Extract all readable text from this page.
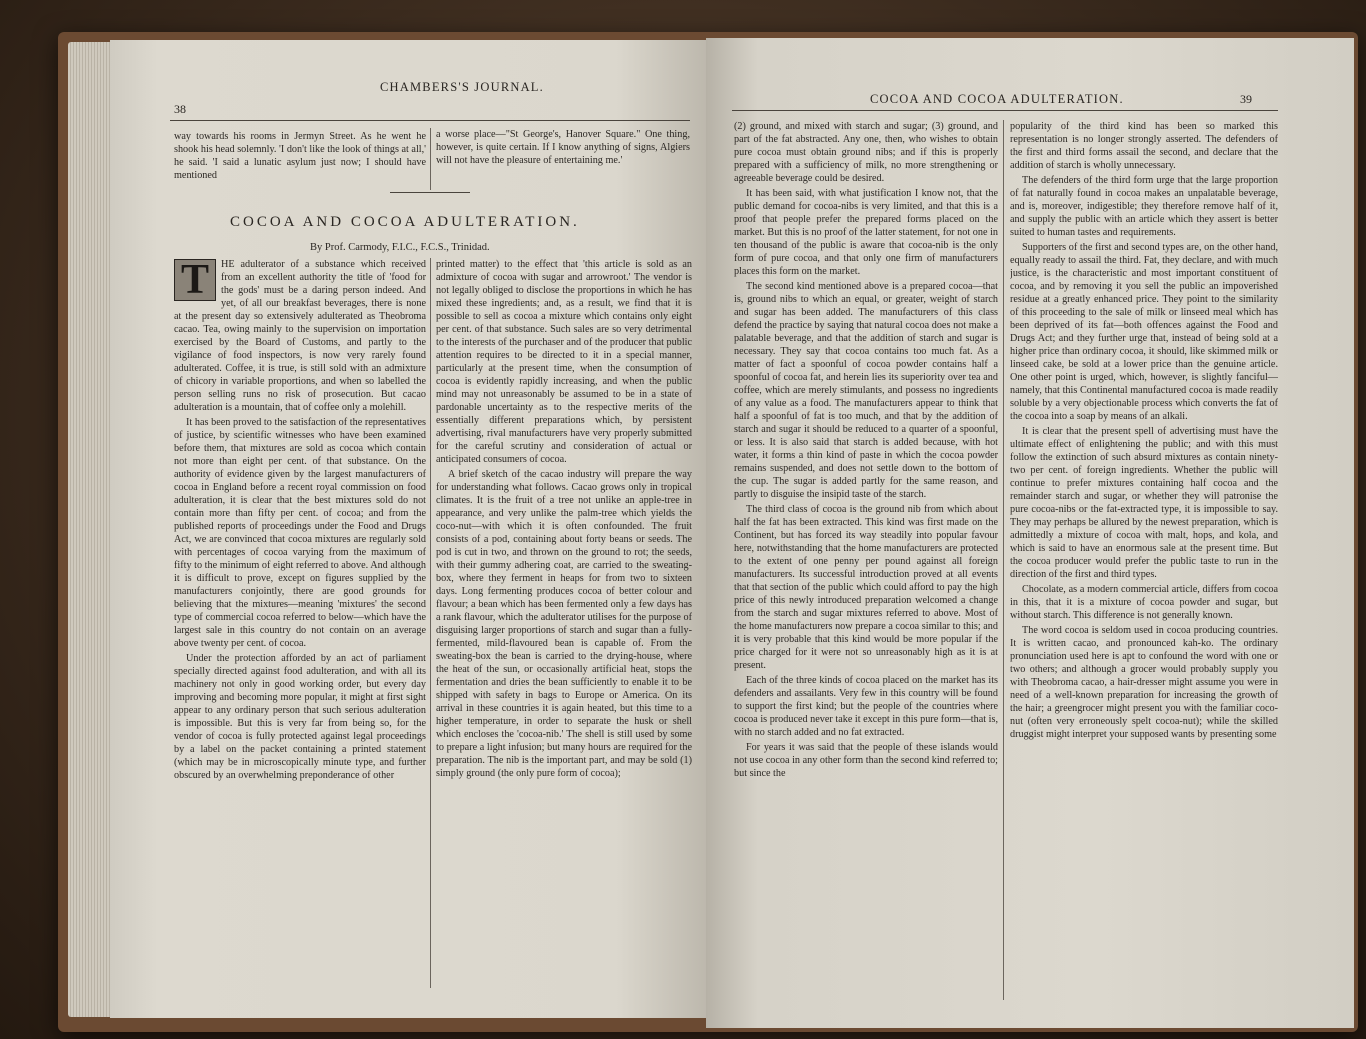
38
CHAMBERS'S JOURNAL.

way towards his rooms in Jermyn Street. As he went he shook his head solemnly. 'I don't like the look of things at all,' he said. 'I said a lunatic asylum just now; I should have mentioned

a worse place—"St George's, Hanover Square." One thing, however, is quite certain. If I know anything of signs, Algiers will not have the pleasure of entertaining me.'

COCOA AND COCOA ADULTERATION.
By Prof. Carmody, F.I.C., F.C.S., Trinidad.

T	HE adulterator of a substance which received from an excellent authority the title of 'food for the gods' must be a daring person indeed. And yet, of all our breakfast beverages, there is none at the present day so extensively adulterated as Theobroma cacao. Tea, owing mainly to the supervision on importation exercised by the Board of Customs, and partly to the vigilance of food inspectors, is now very rarely found adulterated. Coffee, it is true, is still sold with an admixture of chicory in variable proportions, and when so labelled the person selling runs no risk of prosecution. But cacao adulteration is a mountain, that of coffee only a molehill.

It has been proved to the satisfaction of the representatives of justice, by scientific witnesses who have been examined before them, that mixtures are sold as cocoa which contain not more than eight per cent. of that substance. On the authority of evidence given by the largest manufacturers of cocoa in England before a recent royal commission on food adulteration, it is clear that the best mixtures sold do not contain more than fifty per cent. of cocoa; and from the published reports of proceedings under the Food and Drugs Act, we are convinced that cocoa mixtures are regularly sold with percentages of cocoa varying from the maximum of fifty to the minimum of eight referred to above. And although it is difficult to prove, except on figures supplied by the manufacturers conjointly, there are good grounds for believing that the mixtures—meaning 'mixtures' the second type of commercial cocoa referred to below—which have the largest sale in this country do not contain on an average above twenty per cent. of cocoa.

Under the protection afforded by an act of parliament specially directed against food adulteration, and with all its machinery not only in good working order, but every day improving and becoming more popular, it might at first sight appear to any ordinary person that such serious adulteration is impossible. But this is very far from being so, for the vendor of cocoa is fully protected against legal proceedings by a label on the packet containing a printed statement (which may be in microscopically minute type, and further obscured by an overwhelming preponderance of other

printed matter) to the effect that 'this article is sold as an admixture of cocoa with sugar and arrowroot.' The vendor is not legally obliged to disclose the proportions in which he has mixed these ingredients; and, as a result, we find that it is possible to sell as cocoa a mixture which contains only eight per cent. of that substance. Such sales are so very detrimental to the interests of the purchaser and of the producer that public attention requires to be directed to it in a special manner, particularly at the present time, when the consumption of cocoa is evidently rapidly increasing, and when the public mind may not unreasonably be assumed to be in a state of pardonable uncertainty as to the respective merits of the essentially different preparations which, by persistent advertising, rival manufacturers have very properly submitted for the careful scrutiny and consideration of actual or anticipated consumers of cocoa.

A brief sketch of the cacao industry will prepare the way for understanding what follows. Cacao grows only in tropical climates. It is the fruit of a tree not unlike an apple-tree in appearance, and very unlike the palm-tree which yields the coco-nut—with which it is often confounded. The fruit consists of a pod, containing about forty beans or seeds. The pod is cut in two, and thrown on the ground to rot; the seeds, with their gummy adhering coat, are carried to the sweating-box, where they ferment in heaps for from two to sixteen days. Long fermenting produces cocoa of better colour and flavour; a bean which has been fermented only a few days has a rank flavour, which the adulterator utilises for the purpose of disguising larger proportions of starch and sugar than a fully-fermented, mild-flavoured bean is capable of. From the sweating-box the bean is carried to the drying-house, where the heat of the sun, or occasionally artificial heat, stops the fermentation and dries the bean sufficiently to enable it to be shipped with safety in bags to Europe or America. On its arrival in these countries it is again heated, but this time to a higher temperature, in order to separate the husk or shell which encloses the 'cocoa-nib.' The shell is still used by some to prepare a light infusion; but many hours are required for the preparation. The nib is the important part, and may be sold (1) simply ground (the only pure form of cocoa);

COCOA AND COCOA ADULTERATION.	39

(2) ground, and mixed with starch and sugar; (3) ground, and part of the fat abstracted. Any one, then, who wishes to obtain pure cocoa must obtain ground nibs; and if this is properly prepared with a sufficiency of milk, no more strengthening or agreeable beverage could be desired.

It has been said, with what justification I know not, that the public demand for cocoa-nibs is very limited, and that this is a proof that people prefer the prepared forms placed on the market. But this is no proof of the latter statement, for not one in ten thousand of the public is aware that cocoa-nib is the only form of pure cocoa, and that only one firm of manufacturers places this form on the market.

The second kind mentioned above is a prepared cocoa—that is, ground nibs to which an equal, or greater, weight of starch and sugar has been added. The manufacturers of this class defend the practice by saying that natural cocoa does not make a palatable beverage, and that the addition of starch and sugar is necessary. They say that cocoa contains too much fat. As a matter of fact a spoonful of cocoa powder contains half a spoonful of cocoa fat, and herein lies its superiority over tea and coffee, which are merely stimulants, and possess no ingredients of any value as a food. The manufacturers appear to think that half a spoonful of fat is too much, and that by the addition of starch and sugar it should be reduced to a quarter of a spoonful, or less. It is also said that starch is added because, with hot water, it forms a thin kind of paste in which the cocoa powder remains suspended, and does not settle down to the bottom of the cup. The sugar is added partly for the same reason, and partly to disguise the insipid taste of the starch.

The third class of cocoa is the ground nib from which about half the fat has been extracted. This kind was first made on the Continent, but has forced its way steadily into popular favour here, notwithstanding that the home manufacturers are protected to the extent of one penny per pound against all foreign manufacturers. Its successful introduction proved at all events that that section of the public which could afford to pay the high price of this newly introduced preparation welcomed a change from the starch and sugar mixtures referred to above. Most of the home manufacturers now prepare a cocoa similar to this; and it is very probable that this kind would be more popular if the price charged for it were not so unreasonably high as it is at present.

Each of the three kinds of cocoa placed on the market has its defenders and assailants. Very few in this country will be found to support the first kind; but the people of the countries where cocoa is produced never take it except in this pure form—that is, with no starch added and no fat extracted.

For years it was said that the people of these islands would not use cocoa in any other form than the second kind referred to; but since the

popularity of the third kind has been so marked this representation is no longer strongly asserted. The defenders of the first and third forms assail the second, and declare that the addition of starch is wholly unnecessary.

The defenders of the third form urge that the large proportion of fat naturally found in cocoa makes an unpalatable beverage, and is, moreover, indigestible; they therefore remove half of it, and supply the public with an article which they assert is better suited to human tastes and requirements.

Supporters of the first and second types are, on the other hand, equally ready to assail the third. Fat, they declare, and with much justice, is the characteristic and most important constituent of cocoa, and by removing it you sell the public an impoverished residue at a greatly enhanced price. They point to the similarity of this proceeding to the sale of milk or linseed meal which has been deprived of its fat—both offences against the Food and Drugs Act; and they further urge that, instead of being sold at a higher price than ordinary cocoa, it should, like skimmed milk or linseed cake, be sold at a lower price than the genuine article. One other point is urged, which, however, is slightly fanciful—namely, that this Continental manufactured cocoa is made readily soluble by a very objectionable process which converts the fat of the cocoa into a soap by means of an alkali.

It is clear that the present spell of advertising must have the ultimate effect of enlightening the public; and with this must follow the extinction of such absurd mixtures as contain ninety-two per cent. of foreign ingredients. Whether the public will continue to prefer mixtures containing half cocoa and the remainder starch and sugar, or whether they will patronise the pure cocoa-nibs or the fat-extracted type, it is impossible to say. They may perhaps be allured by the newest preparation, which is admittedly a mixture of cocoa with malt, hops, and kola, and which is said to have an enormous sale at the present time. But the cocoa producer would prefer the public taste to run in the direction of the first and third types.

Chocolate, as a modern commercial article, differs from cocoa in this, that it is a mixture of cocoa powder and sugar, but without starch. This difference is not generally known.

The word cocoa is seldom used in cocoa producing countries. It is written cacao, and pronounced kah-ko. The ordinary pronunciation used here is apt to confound the word with one or two others; and although a grocer would probably supply you with Theobroma cacao, a hair-dresser might assume you were in need of a well-known preparation for increasing the growth of the hair; a greengrocer might present you with the familiar coco-nut (often very erroneously spelt cocoa-nut); while the skilled druggist might interpret your supposed wants by presenting some
